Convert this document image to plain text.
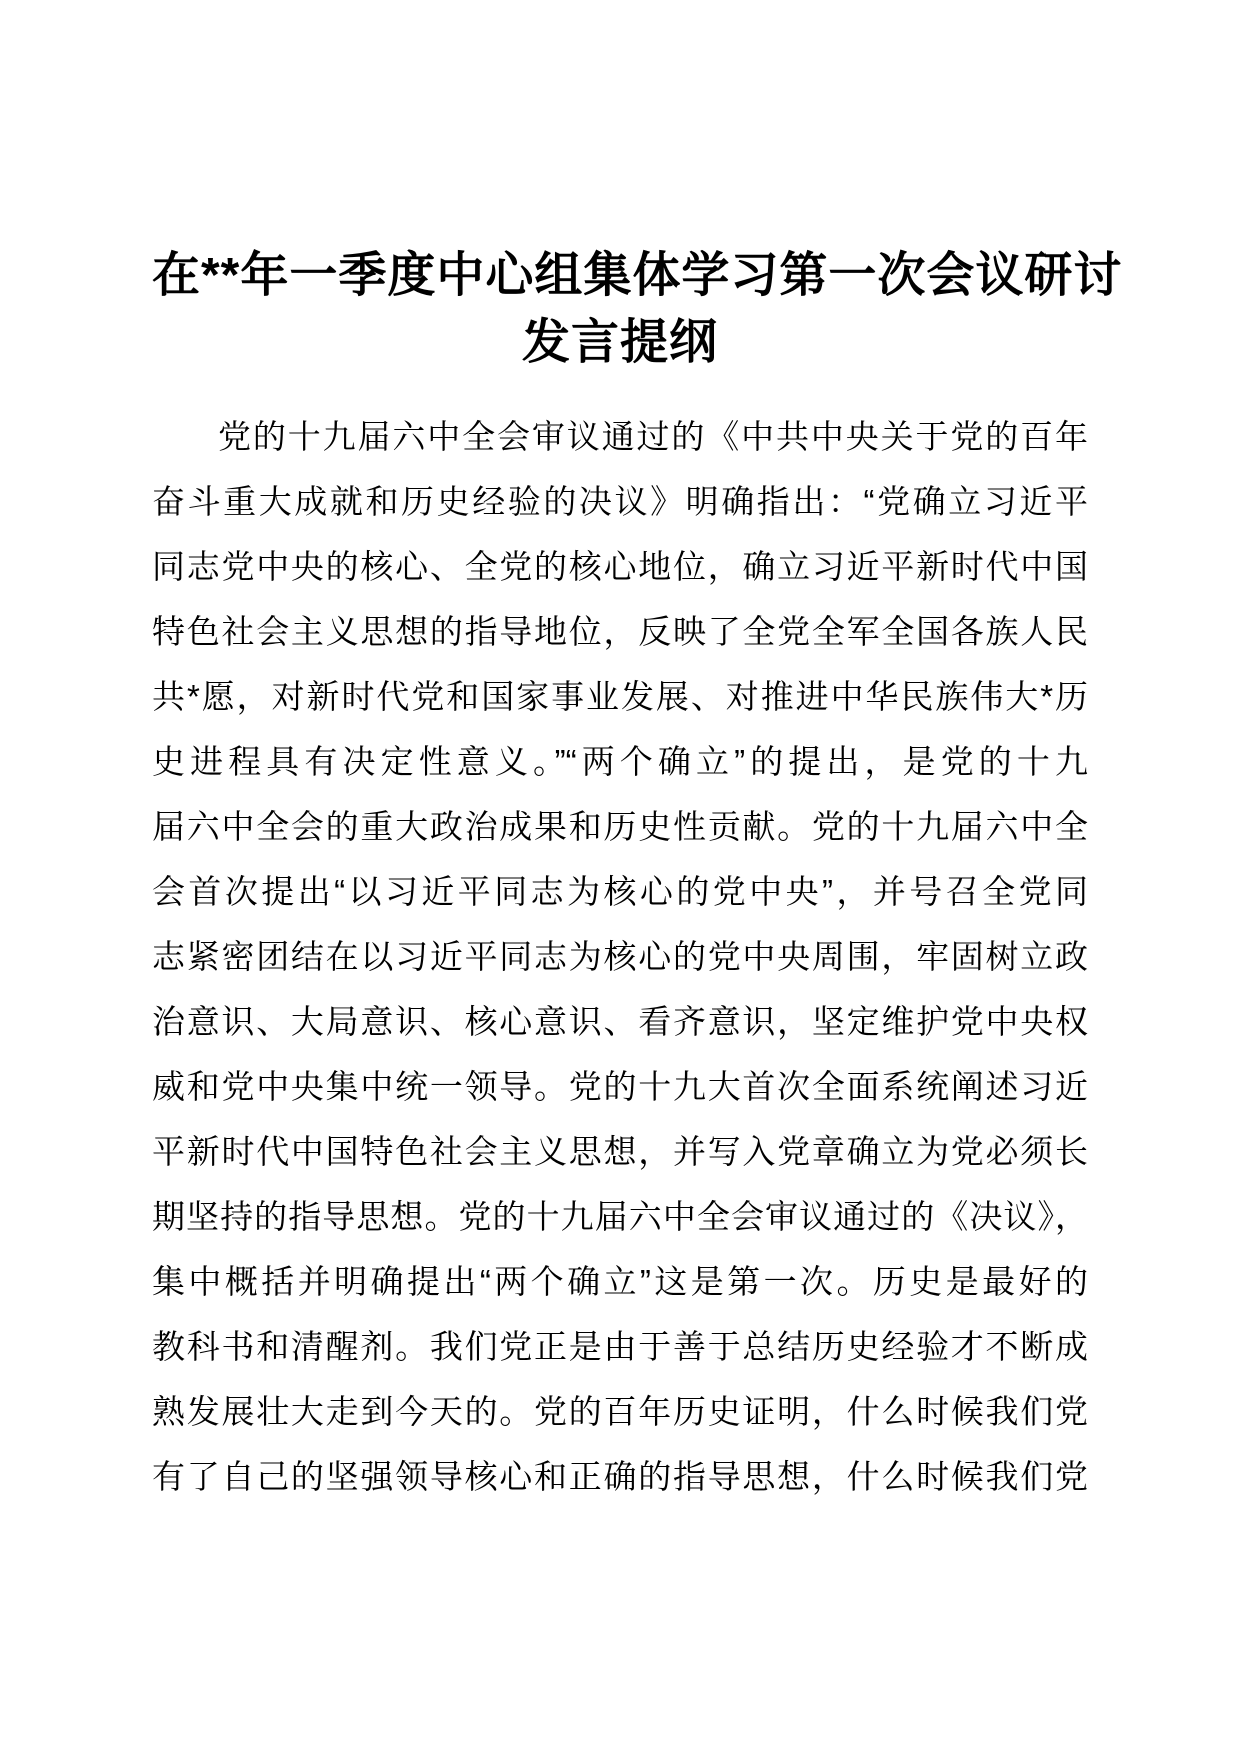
在**年一季度中心组集体学习第一次会议研讨
发言提纲
党的十九届六中全会审议通过的《中共中央关于党的百年
奋斗重大成就和历史经验的决议》明确指出：“党确立习近平
同志党中央的核心、全党的核心地位，确立习近平新时代中国
特色社会主义思想的指导地位，反映了全党全军全国各族人民
共*愿，对新时代党和国家事业发展、对推进中华民族伟大*历
史进程具有决定性意义。”“两个确立”的提出，是党的十九
届六中全会的重大政治成果和历史性贡献。党的十九届六中全
会首次提出“以习近平同志为核心的党中央”，并号召全党同
志紧密团结在以习近平同志为核心的党中央周围，牢固树立政
治意识、大局意识、核心意识、看齐意识，坚定维护党中央权
威和党中央集中统一领导。党的十九大首次全面系统阐述习近
平新时代中国特色社会主义思想，并写入党章确立为党必须长
期坚持的指导思想。党的十九届六中全会审议通过的《决议》，
集中概括并明确提出“两个确立”这是第一次。历史是最好的
教科书和清醒剂。我们党正是由于善于总结历史经验才不断成
熟发展壮大走到今天的。党的百年历史证明，什么时候我们党
有了自己的坚强领导核心和正确的指导思想，什么时候我们党
